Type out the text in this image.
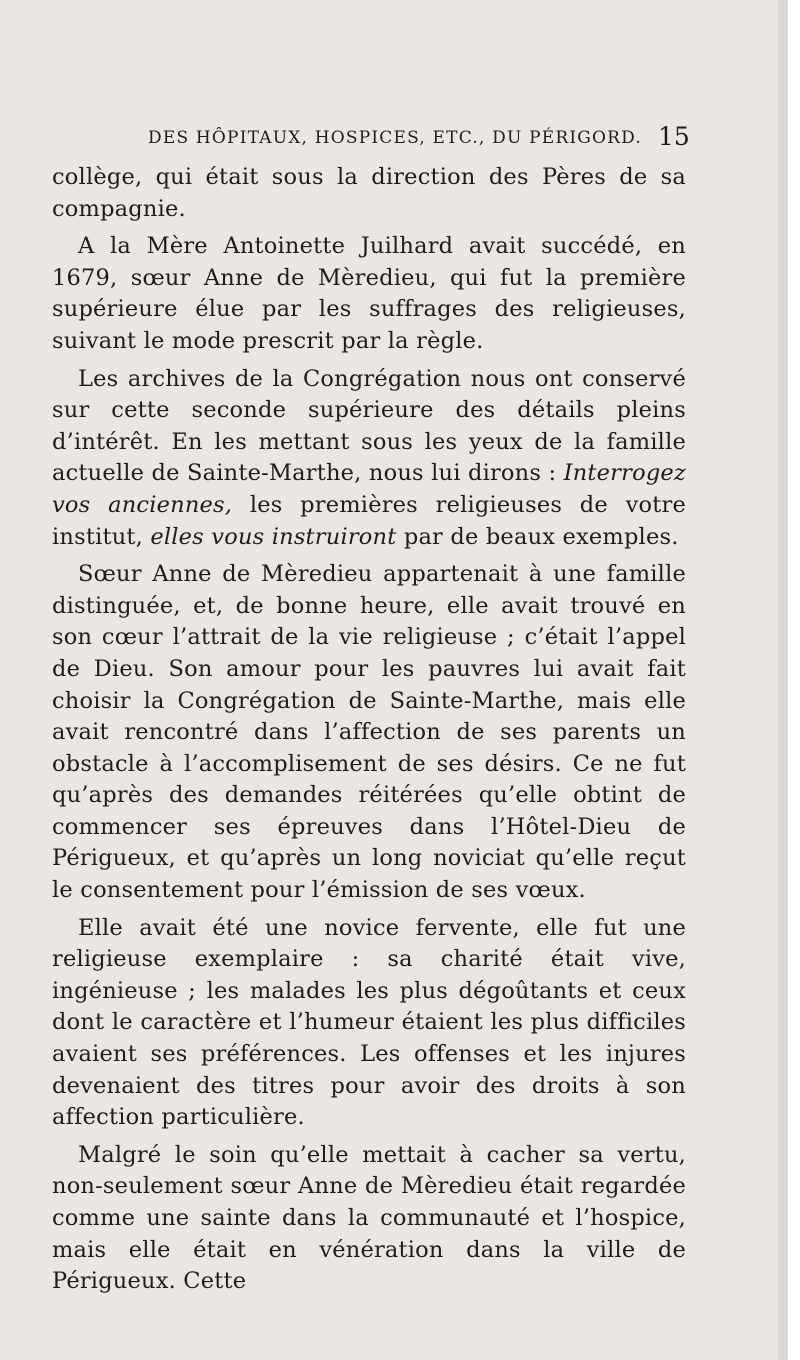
DES HÔPITAUX, HOSPICES, ETC., DU PÉRIGORD. 15

collège, qui était sous la direction des Pères de sa compagnie.

A la Mère Antoinette Juilhard avait succédé, en 1679, sœur Anne de Mèredieu, qui fut la première supérieure élue par les suffrages des religieuses, suivant le mode prescrit par la règle.

Les archives de la Congrégation nous ont conservé sur cette seconde supérieure des détails pleins d’intérêt. En les mettant sous les yeux de la famille actuelle de Sainte-Marthe, nous lui dirons : Interrogez vos anciennes, les premières religieuses de votre institut, elles vous instruiront par de beaux exemples.

Sœur Anne de Mèredieu appartenait à une famille distinguée, et, de bonne heure, elle avait trouvé en son cœur l’attrait de la vie religieuse ; c’était l’appel de Dieu. Son amour pour les pauvres lui avait fait choisir la Congrégation de Sainte-Marthe, mais elle avait rencontré dans l’affection de ses parents un obstacle à l’accomplisement de ses désirs. Ce ne fut qu’après des demandes réitérées qu’elle obtint de commencer ses épreuves dans l’Hôtel-Dieu de Périgueux, et qu’après un long noviciat qu’elle reçut le consentement pour l’émission de ses vœux.

Elle avait été une novice fervente, elle fut une religieuse exemplaire : sa charité était vive, ingénieuse ; les malades les plus dégoûtants et ceux dont le caractère et l’humeur étaient les plus difficiles avaient ses préférences. Les offenses et les injures devenaient des titres pour avoir des droits à son affection particulière.

Malgré le soin qu’elle mettait à cacher sa vertu, non-seulement sœur Anne de Mèredieu était regardée comme une sainte dans la communauté et l’hospice, mais elle était en vénération dans la ville de Périgueux. Cette
